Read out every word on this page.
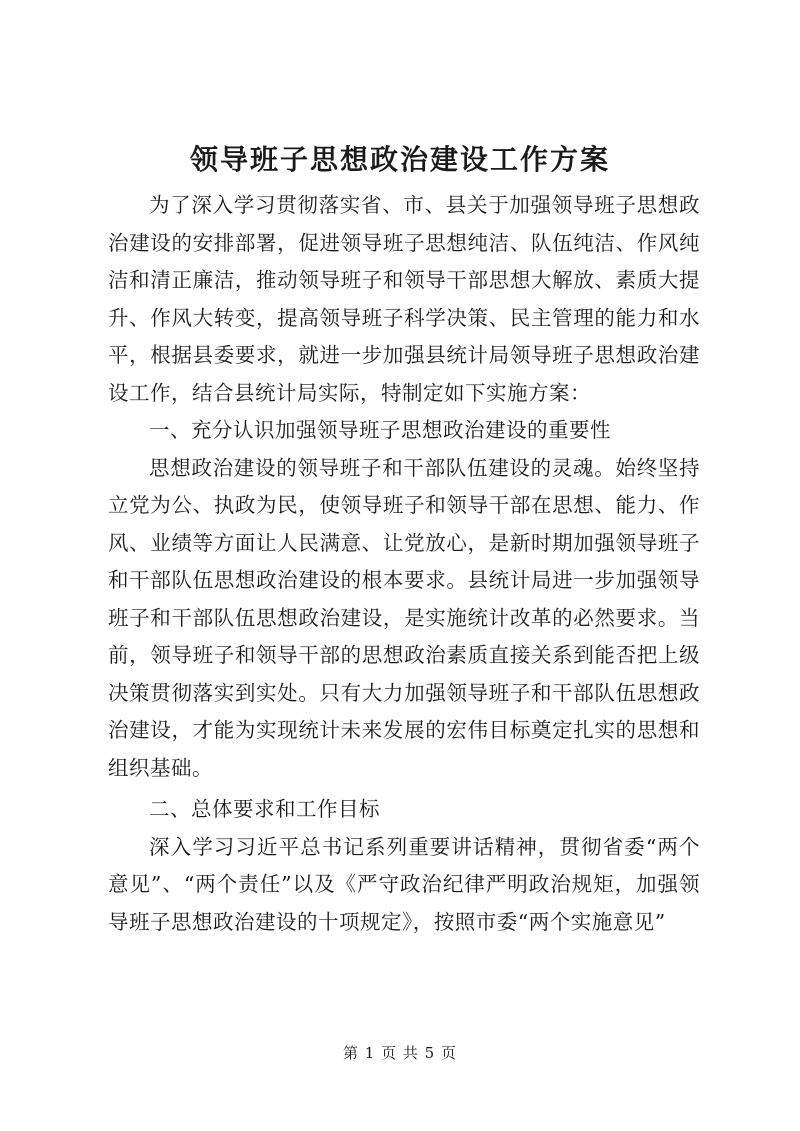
领导班子思想政治建设工作方案

为了深入学习贯彻落实省、市、县关于加强领导班子思想政治建设的安排部署，促进领导班子思想纯洁、队伍纯洁、作风纯洁和清正廉洁，推动领导班子和领导干部思想大解放、素质大提升、作风大转变，提高领导班子科学决策、民主管理的能力和水平，根据县委要求，就进一步加强县统计局领导班子思想政治建设工作，结合县统计局实际，特制定如下实施方案：

一、充分认识加强领导班子思想政治建设的重要性

思想政治建设的领导班子和干部队伍建设的灵魂。始终坚持立党为公、执政为民，使领导班子和领导干部在思想、能力、作风、业绩等方面让人民满意、让党放心，是新时期加强领导班子和干部队伍思想政治建设的根本要求。县统计局进一步加强领导班子和干部队伍思想政治建设，是实施统计改革的必然要求。当前，领导班子和领导干部的思想政治素质直接关系到能否把上级决策贯彻落实到实处。只有大力加强领导班子和干部队伍思想政治建设，才能为实现统计未来发展的宏伟目标奠定扎实的思想和组织基础。

二、总体要求和工作目标

深入学习习近平总书记系列重要讲话精神，贯彻省委“两个意见”、“两个责任”以及《严守政治纪律严明政治规矩，加强领导班子思想政治建设的十项规定》，按照市委“两个实施意见”

第 1 页 共 5 页
